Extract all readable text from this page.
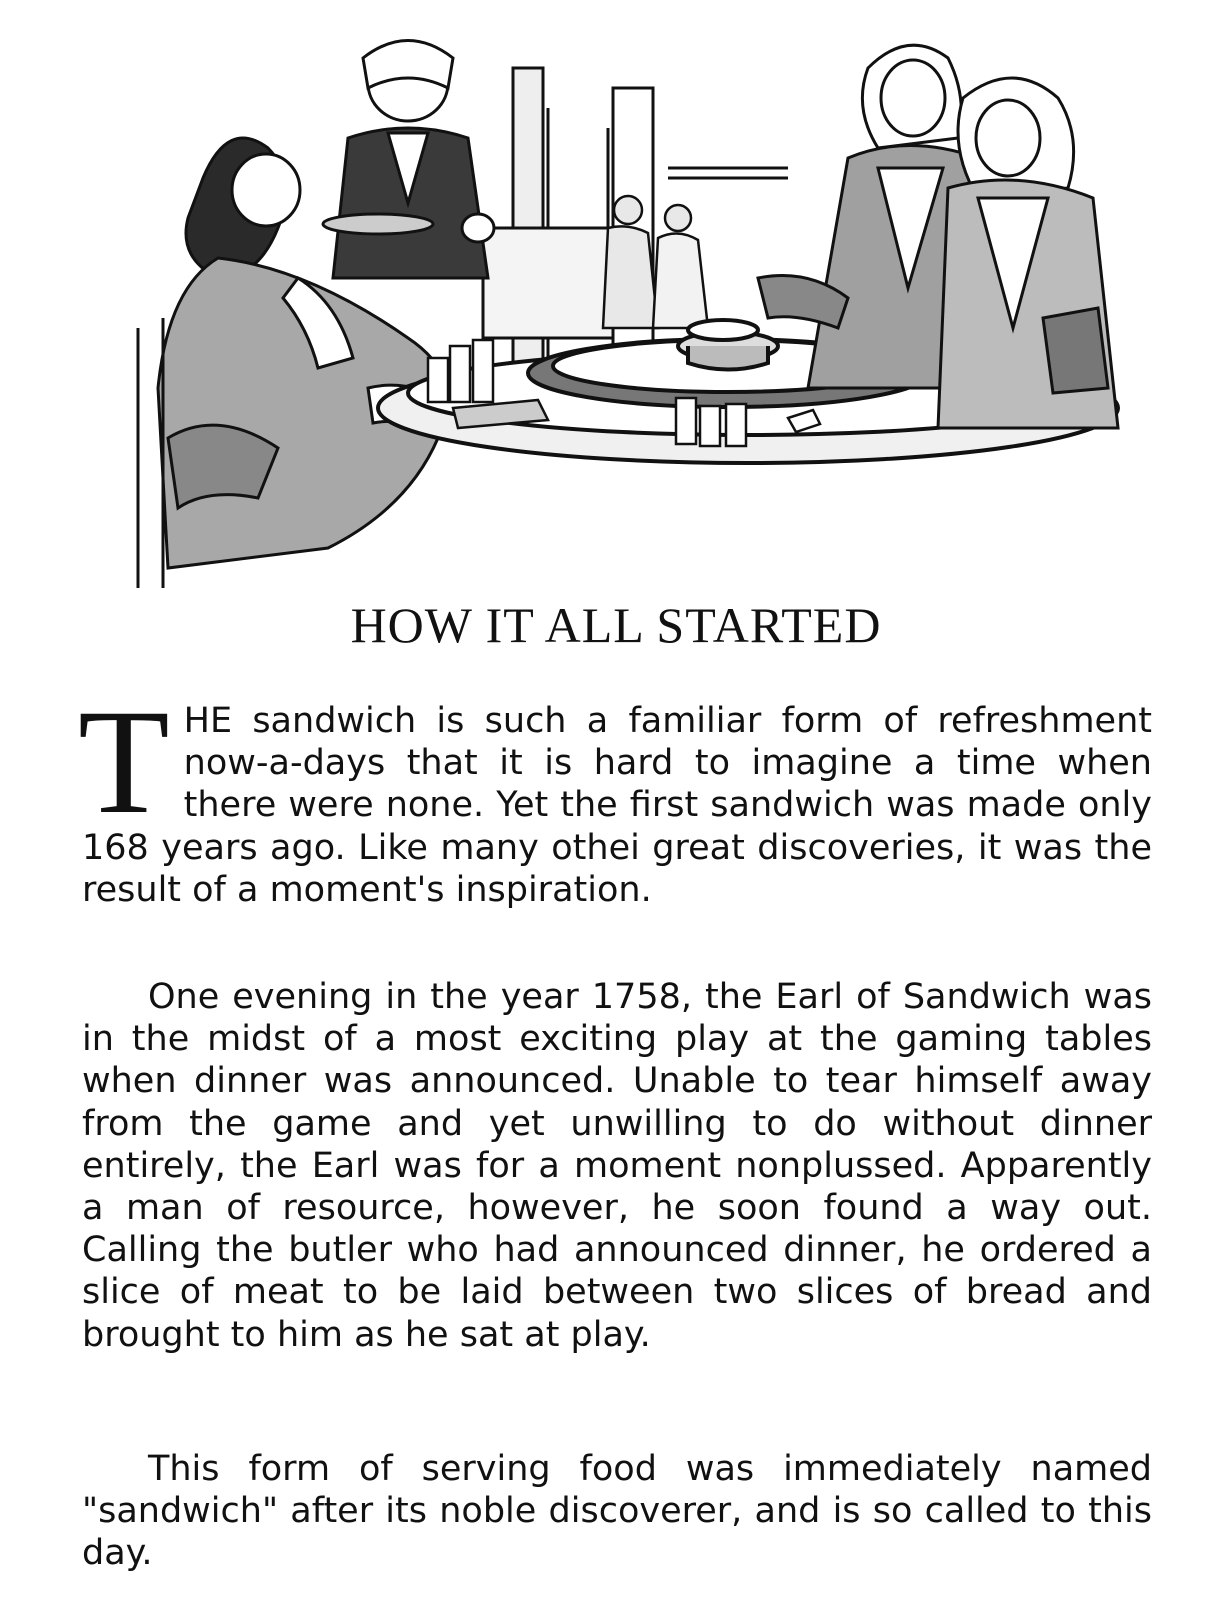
HOW IT ALL STARTED

THE sandwich is such a familiar form of refreshment now-a-days that it is hard to imagine a time when there were none. Yet the first sandwich was made only 168 years ago. Like many othei great discoveries, it was the result of a moment's inspiration.

One evening in the year 1758, the Earl of Sandwich was in the midst of a most exciting play at the gaming tables when dinner was announced. Unable to tear himself away from the game and yet unwilling to do without dinner entirely, the Earl was for a moment nonplussed. Apparently a man of resource, however, he soon found a way out. Calling the butler who had announced dinner, he ordered a slice of meat to be laid between two slices of bread and brought to him as he sat at play.

This form of serving food was immediately named "sandwich" after its noble discoverer, and is so called to this day.
